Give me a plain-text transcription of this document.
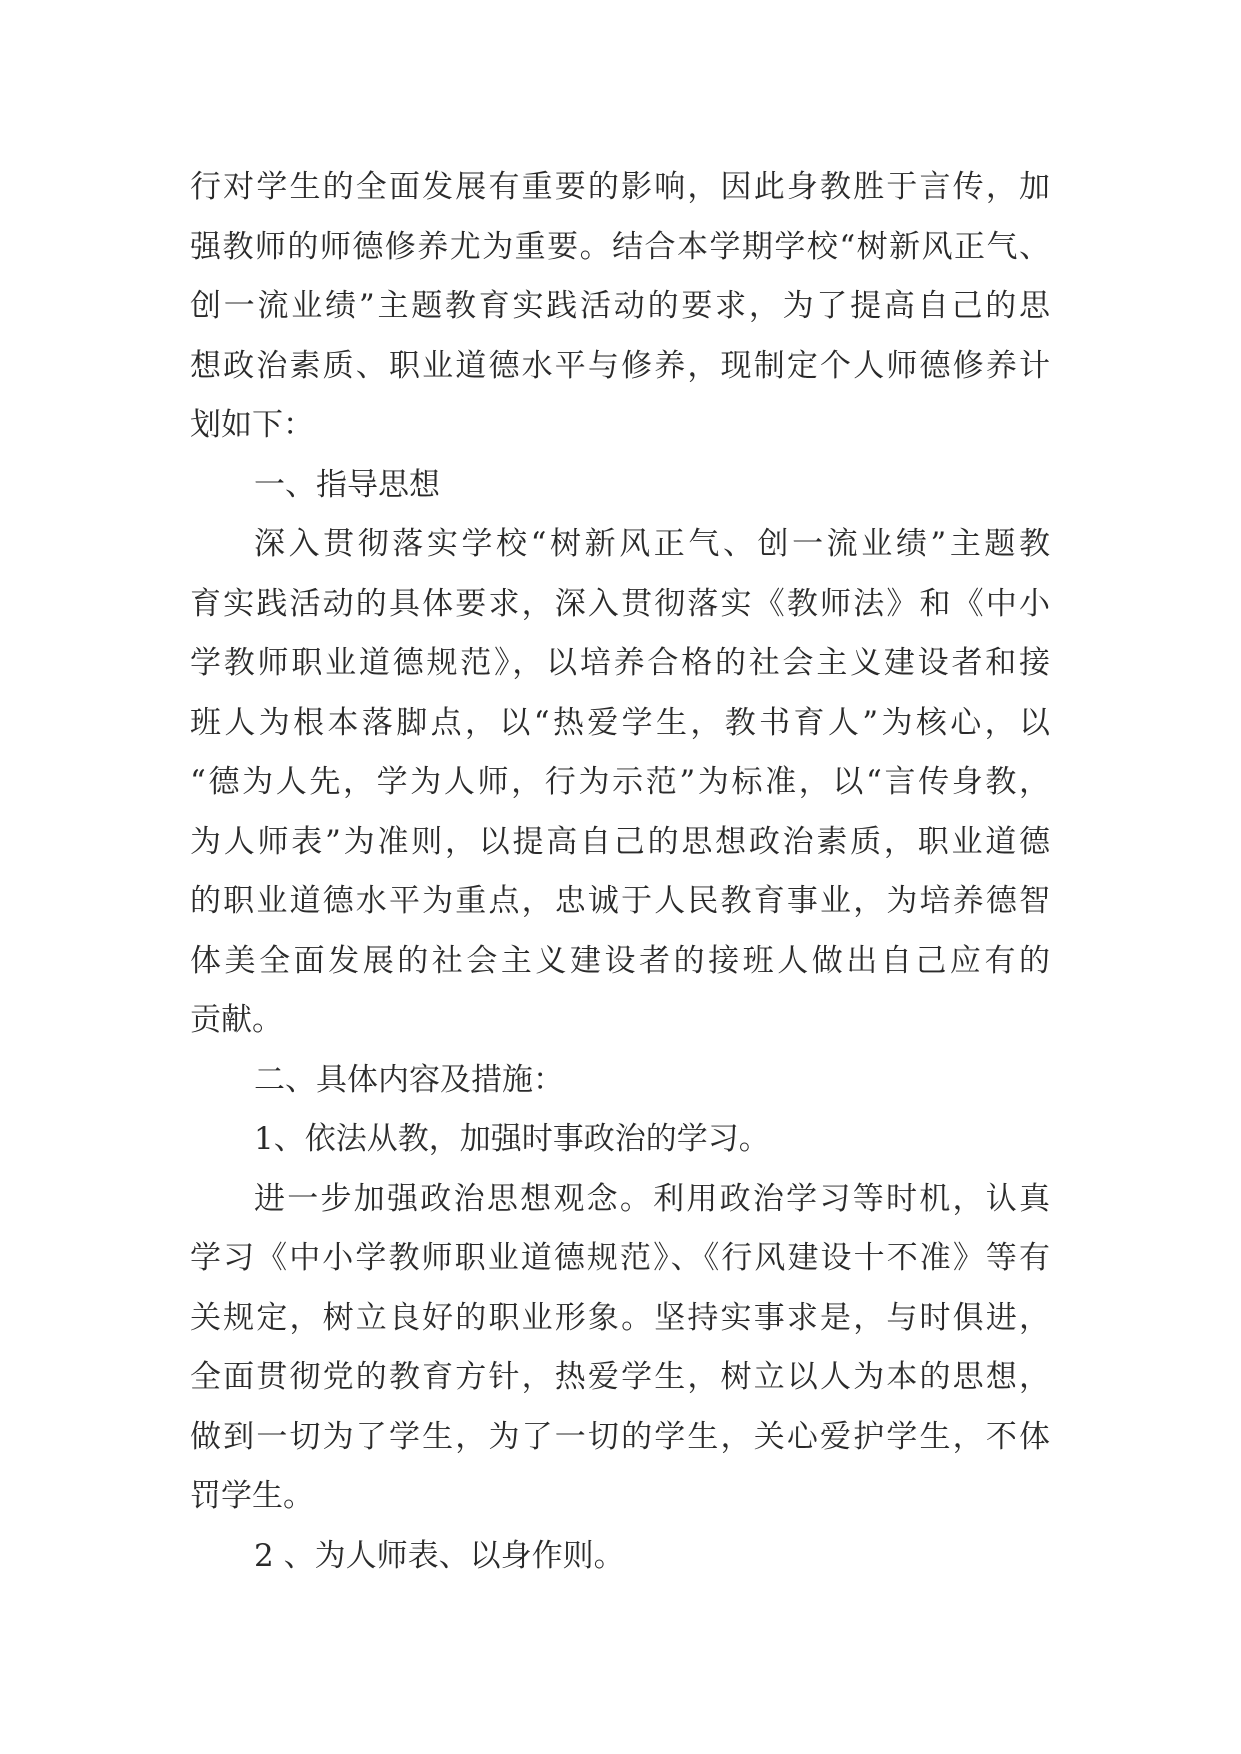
行对学生的全面发展有重要的影响，因此身教胜于言传，加
强教师的师德修养尤为重要。结合本学期学校“树新风正气、
创一流业绩”主题教育实践活动的要求，为了提高自己的思
想政治素质、职业道德水平与修养，现制定个人师德修养计
划如下：
一、指导思想
深入贯彻落实学校“树新风正气、创一流业绩”主题教
育实践活动的具体要求，深入贯彻落实《教师法》和《中小
学教师职业道德规范》，以培养合格的社会主义建设者和接
班人为根本落脚点，以“热爱学生，教书育人”为核心，以
“德为人先，学为人师，行为示范”为标准，以“言传身教，
为人师表”为准则，以提高自己的思想政治素质，职业道德
的职业道德水平为重点，忠诚于人民教育事业，为培养德智
体美全面发展的社会主义建设者的接班人做出自己应有的
贡献。
二、具体内容及措施：
1、依法从教，加强时事政治的学习。
进一步加强政治思想观念。利用政治学习等时机，认真
学习《中小学教师职业道德规范》、《行风建设十不准》等有
关规定，树立良好的职业形象。坚持实事求是，与时俱进，
全面贯彻党的教育方针，热爱学生，树立以人为本的思想，
做到一切为了学生，为了一切的学生，关心爱护学生，不体
罚学生。
2 、为人师表、以身作则。
